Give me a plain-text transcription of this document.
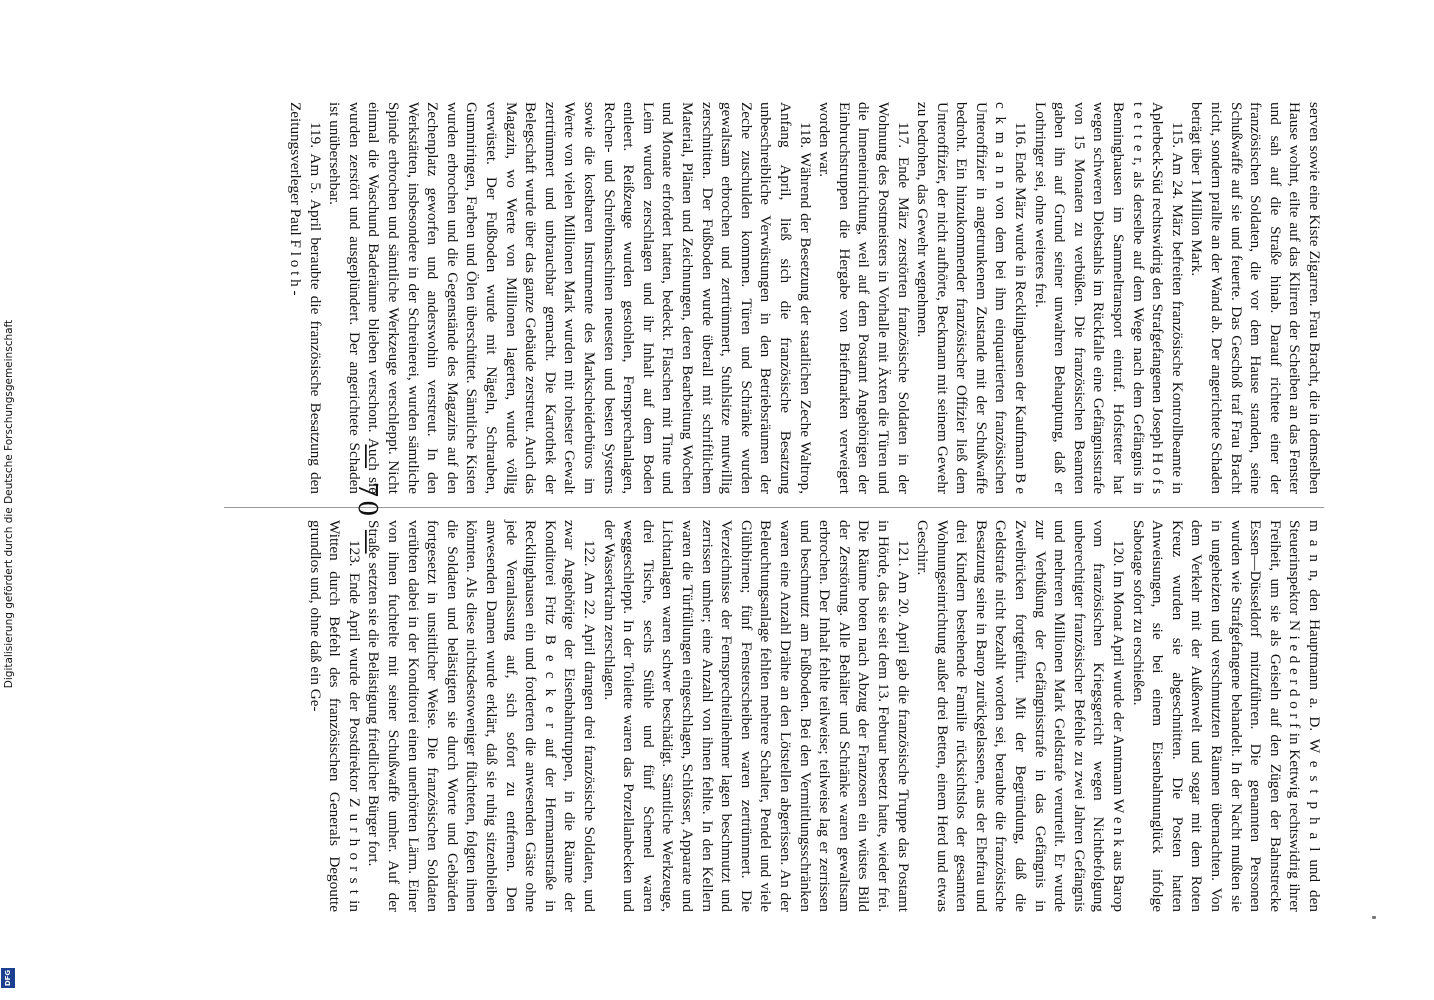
serven sowie eine Kiste Zigarren. Frau Bracht, die in demselben Hause wohnt, eilte auf das Klirren der Scheiben an das Fenster und sah auf die Straße hinab. Darauf richtete einer der französischen Soldaten, die vor dem Hause standen, seine Schußwaffe auf sie und feuerte. Das Geschoß traf Frau Bracht nicht, sondern prallte an der Wand ab. Der angerichtete Schaden beträgt über 1 Million Mark.

115. Am 24. März befreiten französische Kontrollbeamte in Aplerbeck-Süd rechtswidrig den Strafgefangenen Joseph H o f s t e t t e r, als derselbe auf dem Wege nach dem Gefängnis in Benninghausen im Sammeltransport eintraf. Hofstetter hat wegen schweren Diebstahls im Rückfalle eine Gefängnisstrafe von 15 Monaten zu verbüßen. Die französischen Beamten gaben ihn auf Grund seiner unwahren Behauptung, daß er Lothringer sei, ohne weiteres frei.

116. Ende März wurde in Recklinghausen der Kaufmann B e c k m a n n von dem bei ihm einquartierten französischen Unteroffizier in angetrunkenem Zustande mit der Schußwaffe bedroht. Ein hinzukommender französischer Offizier ließ dem Unteroffizier, der nicht aufhörte, Beckmann mit seinem Gewehr zu bedrohen, das Gewehr wegnehmen.

117. Ende März zerstörten französische Soldaten in der Wohnung des Postmeisters in Vorhalle mit Äxten die Türen und die Inneneinrichtung, weil auf dem Postamt Angehörigen der Einbruchstruppen die Hergabe von Briefmarken verweigert worden war.

118. Während der Besetzung der staatlichen Zeche Waltrop, Anfang April, ließ sich die französische Besatzung unbeschreibliche Verwüstungen in den Betriebsräumen der Zeche zuschulden kommen. Türen und Schränke wurden gewaltsam erbrochen und zertrümmert, Stuhlsitze mutwillig zerschnitten. Der Fußboden wurde überall mit schriftlichem Material, Plänen und Zeichnungen, deren Bearbeitung Wochen und Monate erfordert hatten, bedeckt. Flaschen mit Tinte und Leim wurden zerschlagen und ihr Inhalt auf dem Boden entleert. Reißzeuge wurden gestohlen, Fernsprechanlagen, Rechen- und Schreibmaschinen neuesten und besten Systems sowie die kostbaren Instrumente des Markscheiderbüros im Werte von vielen Millionen Mark wurden mit rohester Gewalt zertrümmert und unbrauchbar gemacht. Die Kartothek der Belegschaft wurde über das ganze Gebäude zerstreut. Auch das Magazin, wo Werte von Millionen lagerten, wurde völlig verwüstet. Der Fußboden wurde mit Nägeln, Schrauben, Gummiringen, Farben und Ölen überschüttet. Sämtliche Kisten wurden erbrochen und die Gegenstände des Magazins auf den Zechenplatz geworfen und anderswohin verstreut. In den Werkstätten, insbesondere in der Schreinerei, wurden sämtliche Spinde erbrochen und sämtliche Werkzeuge verschleppt. Nicht einmal die Waschund Baderäume blieben verschont. Auch sie wurden zerstört und ausgeplündert. Der angerichtete Schaden ist unübersehbar.

119. Am 5. April beraubte die französische Besatzung den Zeitungsverleger Paul F l o t h -

m a n n, den Hauptmann a. D. W e s t p h a l und den Steuerinspektor N i e d e r d o r f in Kettwig rechtswidrig ihrer Freiheit, um sie als Geiseln auf den Zügen der Bahnstrecke Essen—Düsseldorf mitzuführen. Die genannten Personen wurden wie Strafgefangene behandelt. In der Nacht mußten sie in ungeheizten und verschmutzten Räumen übernachten. Von dem Verkehr mit der Außenwelt und sogar mit dem Roten Kreuz wurden sie abgeschnitten. Die Posten hatten Anweisungen, sie bei einem Eisenbahnunglück infolge Sabotage sofort zu erschießen.

120. Im Monat April wurde der Amtmann W e n k aus Barop vom französischen Kriegsgericht wegen Nichtbefolgung unberechtigter französischer Befehle zu zwei Jahren Gefängnis und mehreren Millionen Mark Geldstrafe verurteilt. Er wurde zur Verbüßung der Gefängnisstrafe in das Gefängnis in Zweibrücken fortgeführt. Mit der Begründung, daß die Geldstrafe nicht bezahlt worden sei, beraubte die französische Besatzung seine in Barop zurückgelassene, aus der Ehefrau und drei Kindern bestehende Familie rücksichtslos der gesamten Wohnungseinrichtung außer drei Betten, einem Herd und etwas Geschirr.

121. Am 20. April gab die französische Truppe das Postamt in Hörde, das sie seit dem 13. Februar besetzt hatte, wieder frei. Die Räume boten nach Abzug der Franzosen ein wüstes Bild der Zerstörung. Alle Behälter und Schränke waren gewaltsam erbrochen. Der Inhalt fehlte teilweise; teilweise lag er zerrissen und beschmutzt am Fußboden. Bei den Vermittlungsschränken waren eine Anzahl Drähte an den Lötstellen abgerissen. An der Beleuchtungsanlage fehlten mehrere Schalter, Pendel und viele Glühbirnen; fünf Fensterscheiben waren zertrümmert. Die Verzeichnisse der Fernsprechteilnehmer lagen beschmutzt und zerrissen umher; eine Anzahl von ihnen fehlte. In den Kellern waren die Türfüllungen eingeschlagen, Schlösser, Apparate und Lichtanlagen waren schwer beschädigt. Sämtliche Werkzeuge, drei Tische, sechs Stühle und fünf Schemel waren weggeschleppt. In der Toilette waren das Porzellanbecken und der Wasserkrahn zerschlagen.

122. Am 22. April drangen drei französische Soldaten, und zwar Angehörige der Eisenbahntruppen, in die Räume der Konditorei Fritz B e c k e r auf der Hermannstraße in Recklinghausen ein und forderten die anwesenden Gäste ohne jede Veranlassung auf, sich sofort zu entfernen. Den anwesenden Damen wurde erklärt, daß sie ruhig sitzenbleiben könnten. Als diese nichtsdestoweniger flüchteten, folgten ihnen die Soldaten und belästigten sie durch Worte und Gebärden fortgesetzt in unsittlicher Weise. Die französischen Soldaten verübten dabei in der Konditorei einen unerhörten Lärm. Einer von ihnen fuchtelte mit seiner Schußwaffe umher. Auf der Straße setzten sie die Belästigung friedlicher Bürger fort.

123. Ende April wurde der Postdirektor Z u r h o r s t in Witten durch Befehl des französischen Generals Degoutte grundlos und, ohne daß ein Ge-

— 70 —
Digitalisierung gefördert durch die Deutsche Forschungsgemeinschaft
DFG
